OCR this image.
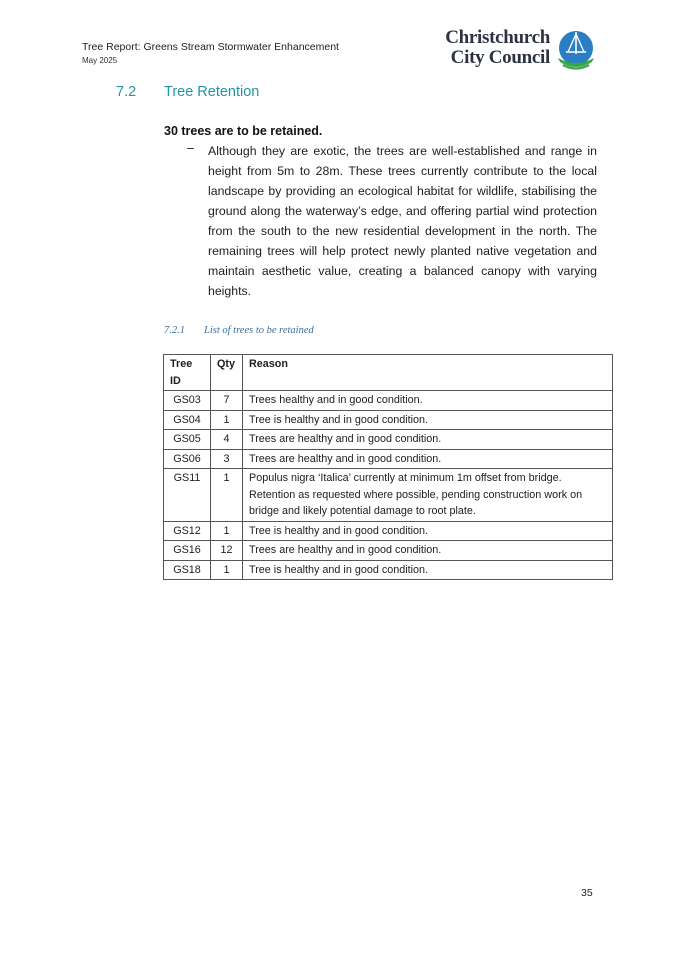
Tree Report: Greens Stream Stormwater Enhancement
May 2025
Christchurch
City Council
7.2 Tree Retention
30 trees are to be retained.
– Although they are exotic, the trees are well-established and range in height from 5m to 28m. These trees currently contribute to the local landscape by providing an ecological habitat for wildlife, stabilising the ground along the waterway’s edge, and offering partial wind protection from the south to the new residential development in the north. The remaining trees will help protect newly planted native vegetation and maintain aesthetic value, creating a balanced canopy with varying heights.
7.2.1 List of trees to be retained
Tree ID	Qty	Reason
GS03	7	Trees healthy and in good condition.
GS04	1	Tree is healthy and in good condition.
GS05	4	Trees are healthy and in good condition.
GS06	3	Trees are healthy and in good condition.
GS11	1	Populus nigra ‘Italica’ currently at minimum 1m offset from bridge. Retention as requested where possible, pending construction work on bridge and likely potential damage to root plate.
GS12	1	Tree is healthy and in good condition.
GS16	12	Trees are healthy and in good condition.
GS18	1	Tree is healthy and in good condition.
35
